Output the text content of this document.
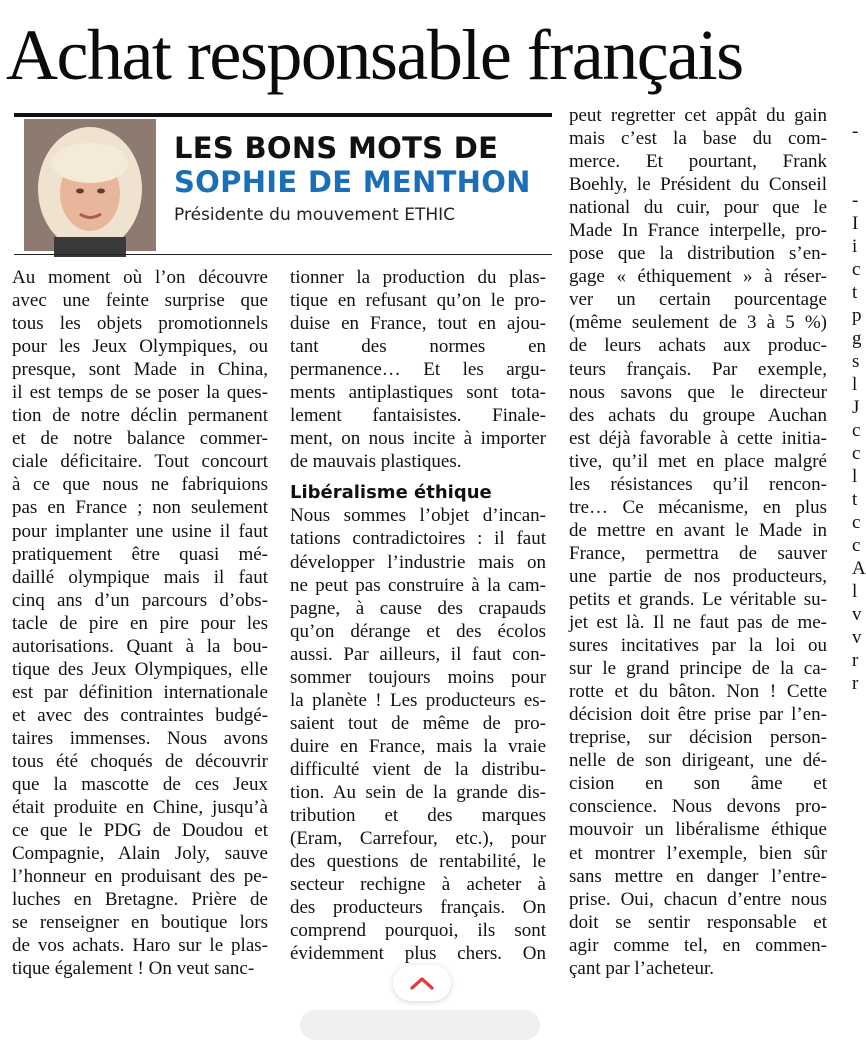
Achat responsable français

LES BONS MOTS DE

SOPHIE DE MENTHON

Présidente du mouvement ETHIC

Au moment où l’on découvre
avec une feinte surprise que
tous les objets promotionnels
pour les Jeux Olympiques, ou
presque, sont Made in China,
il est temps de se poser la ques-
tion de notre déclin permanent
et de notre balance commer-
ciale déficitaire. Tout concourt
à ce que nous ne fabriquions
pas en France ; non seulement
pour implanter une usine il faut
pratiquement être quasi mé-
daillé olympique mais il faut
cinq ans d’un parcours d’obs-
tacle de pire en pire pour les
autorisations. Quant à la bou-
tique des Jeux Olympiques, elle
est par définition internationale
et avec des contraintes budgé-
taires immenses. Nous avons
tous été choqués de découvrir
que la mascotte de ces Jeux
était produite en Chine, jusqu’à
ce que le PDG de Doudou et
Compagnie, Alain Joly, sauve
l’honneur en produisant des pe-
luches en Bretagne. Prière de
se renseigner en boutique lors
de vos achats. Haro sur le plas-
tique également ! On veut sanc-
tionner la production du plas-
tique en refusant qu’on le pro-
duise en France, tout en ajou-
tant des normes en
permanence… Et les argu-
ments antiplastiques sont tota-
lement fantaisistes. Finale-
ment, on nous incite à importer
de mauvais plastiques.
Libéralisme éthique
Nous sommes l’objet d’incan-
tations contradictoires : il faut
développer l’industrie mais on
ne peut pas construire à la cam-
pagne, à cause des crapauds
qu’on dérange et des écolos
aussi. Par ailleurs, il faut con-
sommer toujours moins pour
la planète ! Les producteurs es-
saient tout de même de pro-
duire en France, mais la vraie
difficulté vient de la distribu-
tion. Au sein de la grande dis-
tribution et des marques
(Eram, Carrefour, etc.), pour
des questions de rentabilité, le
secteur rechigne à acheter à
des producteurs français. On
comprend pourquoi, ils sont
évidemment plus chers. On
peut regretter cet appât du gain
mais c’est la base du com-
merce. Et pourtant, Frank
Boehly, le Président du Conseil
national du cuir, pour que le
Made In France interpelle, pro-
pose que la distribution s’en-
gage « éthiquement » à réser-
ver un certain pourcentage
(même seulement de 3 à 5 %)
de leurs achats aux produc-
teurs français. Par exemple,
nous savons que le directeur
des achats du groupe Auchan
est déjà favorable à cette initia-
tive, qu’il met en place malgré
les résistances qu’il rencon-
tre… Ce mécanisme, en plus
de mettre en avant le Made in
France, permettra de sauver
une partie de nos producteurs,
petits et grands. Le véritable su-
jet est là. Il ne faut pas de me-
sures incitatives par la loi ou
sur le grand principe de la ca-
rotte et du bâton. Non ! Cette
décision doit être prise par l’en-
treprise, sur décision person-
nelle de son dirigeant, une dé-
cision en son âme et
conscience. Nous devons pro-
mouvoir un libéralisme éthique
et montrer l’exemple, bien sûr
sans mettre en danger l’entre-
prise. Oui, chacun d’entre nous
doit se sentir responsable et
agir comme tel, en commen-
çant par l’acheteur.
-

-
I
i
c
t
p
g
s
l
J
c
c
l
t
c
c
A
l
v
v
r
r
